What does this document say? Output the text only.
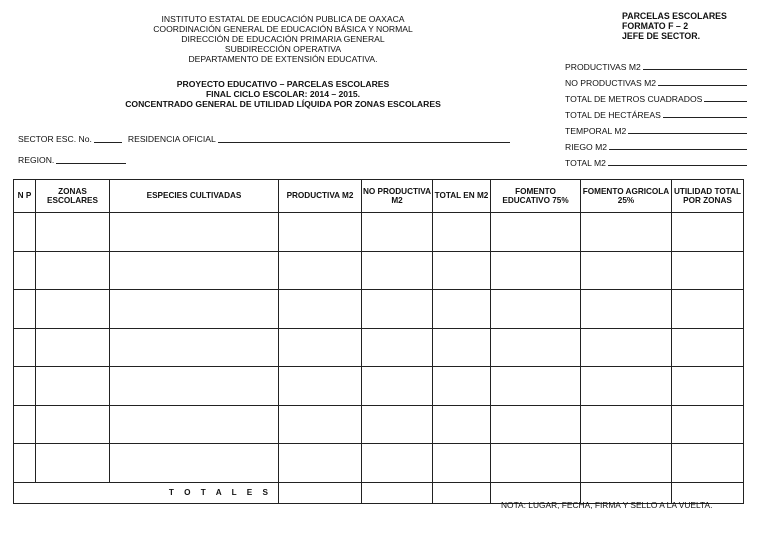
INSTITUTO ESTATAL DE EDUCACIÓN PUBLICA DE OAXACA
COORDINACIÓN GENERAL DE EDUCACIÓN BÁSICA Y NORMAL
DIRECCIÓN DE EDUCACIÓN PRIMARIA GENERAL
SUBDIRECCIÓN OPERATIVA
DEPARTAMENTO DE EXTENSIÓN EDUCATIVA.
PROYECTO EDUCATIVO – PARCELAS ESCOLARES
FINAL CICLO ESCOLAR: 2014 – 2015.
CONCENTRADO GENERAL DE UTILIDAD LÍQUIDA POR ZONAS ESCOLARES
PARCELAS ESCOLARES
FORMATO F – 2
JEFE DE SECTOR.
PRODUCTIVAS M2
NO PRODUCTIVAS M2
TOTAL DE METROS CUADRADOS
TOTAL DE HECTÁREAS
TEMPORAL M2
RIEGO M2
TOTAL M2
SECTOR ESC. No.	RESIDENCIA OFICIAL
REGION.
N P	ZONAS ESCOLARES	ESPECIES CULTIVADAS	PRODUCTIVA M2	NO PRODUCTIVA M2	TOTAL EN M2	FOMENTO EDUCATIVO 75%	FOMENTO AGRICOLA 25%	UTILIDAD TOTAL POR ZONAS

T O T A L E S								
NOTA: LUGAR, FECHA, FIRMA Y SELLO A LA VUELTA.
